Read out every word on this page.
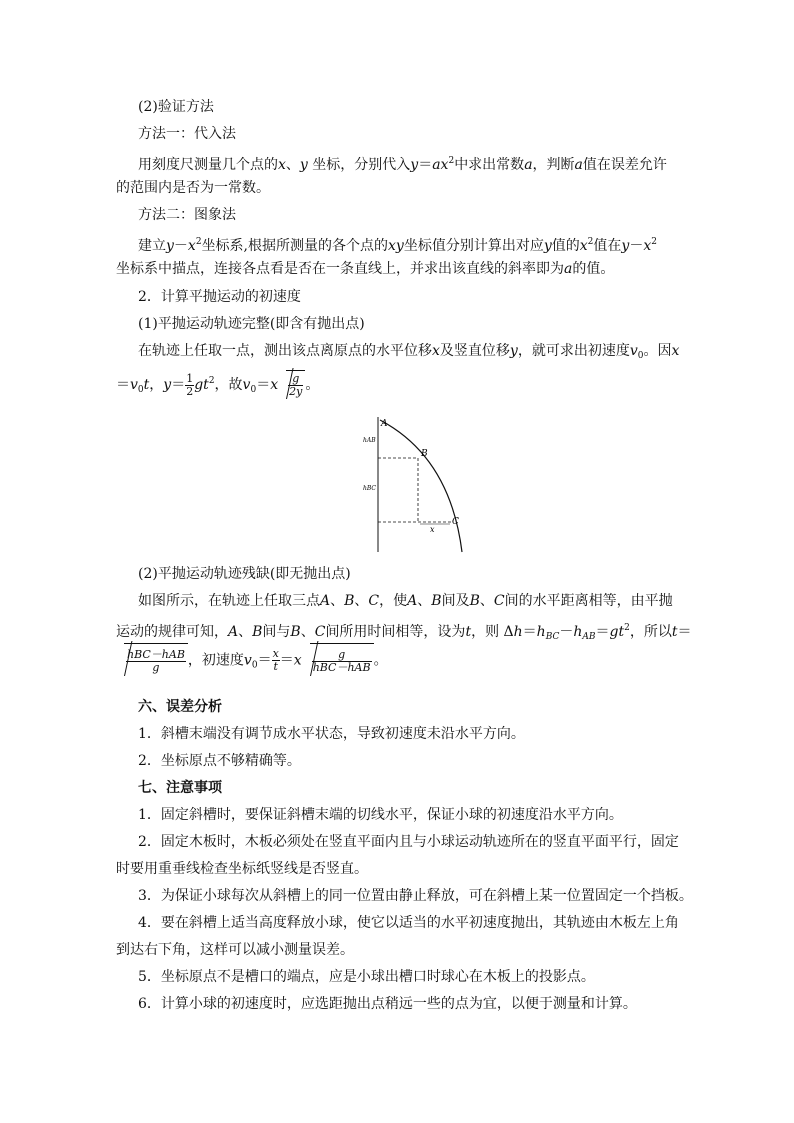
(2)验证方法
方法一：代入法
用刻度尺测量几个点的x、y 坐标，分别代入$y=ax^2$中求出常数a，判断a值在误差允许
的范围内是否为一常数。
方法二：图象法
建立$y-x^2$坐标系,根据所测量的各个点的xy坐标值分别计算出对应y值的$x^2$值在$y-x^2$
坐标系中描点，连接各点看是否在一条直线上，并求出该直线的斜率即为a的值。
2．计算平抛运动的初速度
(1)平抛运动轨迹完整(即含有抛出点)
在轨迹上任取一点，测出该点离原点的水平位移x及竖直位移y，就可求出初速度$v_0$。因x
$=v_0t$，$y= \frac{1}{2} gt^2$，故$v_0=x \frac{g}{2y}$ 。
A
B
C
hAB
hBC
x
(2)平抛运动轨迹残缺(即无抛出点)
如图所示，在轨迹上任取三点A、B、C，使A、B间及B、C间的水平距离相等，由平抛
运动的规律可知，A、B间与B、C间所用时间相等，设为t，则 $\Delta h=h_{BC}-h_{AB}=gt^2$，所以t＝
$\frac{\text{hBC－hAB}}{g}$ ，初速度$v_0= \frac{x}{t} =x \frac{g}{\text{hBC－hAB}}$ 。
六、误差分析
1．斜槽末端没有调节成水平状态，导致初速度未沿水平方向。
2．坐标原点不够精确等。
七、注意事项
1．固定斜槽时，要保证斜槽末端的切线水平，保证小球的初速度沿水平方向。
2．固定木板时，木板必须处在竖直平面内且与小球运动轨迹所在的竖直平面平行，固定
时要用重垂线检查坐标纸竖线是否竖直。
3．为保证小球每次从斜槽上的同一位置由静止释放，可在斜槽上某一位置固定一个挡板。
4．要在斜槽上适当高度释放小球，使它以适当的水平初速度抛出，其轨迹由木板左上角
到达右下角，这样可以减小测量误差。
5．坐标原点不是槽口的端点，应是小球出槽口时球心在木板上的投影点。
6．计算小球的初速度时，应选距抛出点稍远一些的点为宜，以便于测量和计算。
